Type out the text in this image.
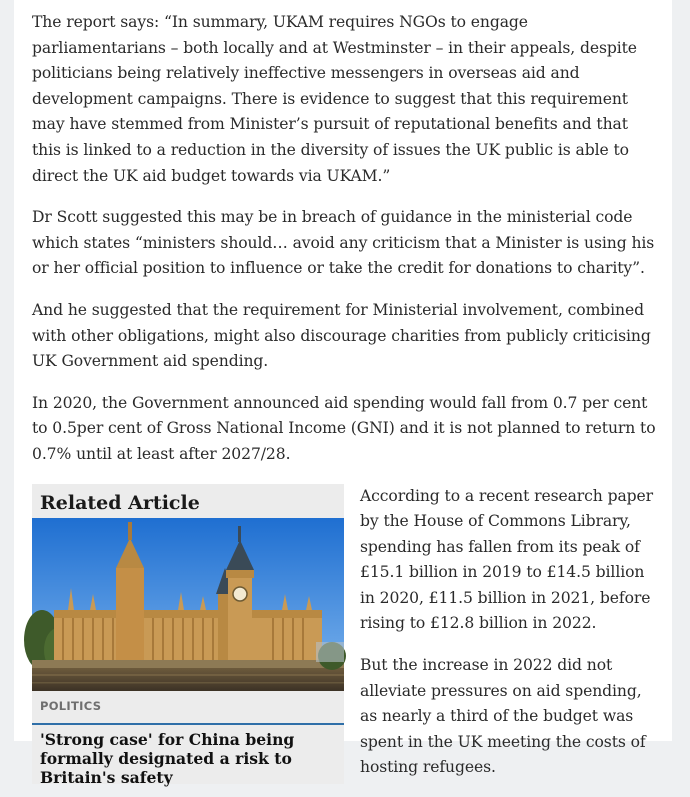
The report says: “In summary, UKAM requires NGOs to engage parliamentarians – both locally and at Westminster – in their appeals, despite politicians being relatively ineffective messengers in overseas aid and development campaigns. There is evidence to suggest that this requirement may have stemmed from Minister’s pursuit of reputational benefits and that this is linked to a reduction in the diversity of issues the UK public is able to direct the UK aid budget towards via UKAM.”

Dr Scott suggested this may be in breach of guidance in the ministerial code which states “ministers should… avoid any criticism that a Minister is using his or her official position to influence or take the credit for donations to charity”.

And he suggested that the requirement for Ministerial involvement, combined with other obligations, might also discourage charities from publicly criticising UK Government aid spending.

In 2020, the Government announced aid spending would fall from 0.7 per cent to 0.5per cent of Gross National Income (GNI) and it is not planned to return to 0.7% until at least after 2027/28.

Related Article
POLITICS
'Strong case' for China being formally designated a risk to Britain's safety

According to a recent research paper by the House of Commons Library, spending has fallen from its peak of £15.1 billion in 2019 to £14.5 billion in 2020, £11.5 billion in 2021, before rising to £12.8 billion in 2022.

But the increase in 2022 did not alleviate pressures on aid spending, as nearly a third of the budget was spent in the UK meeting the costs of hosting refugees.
